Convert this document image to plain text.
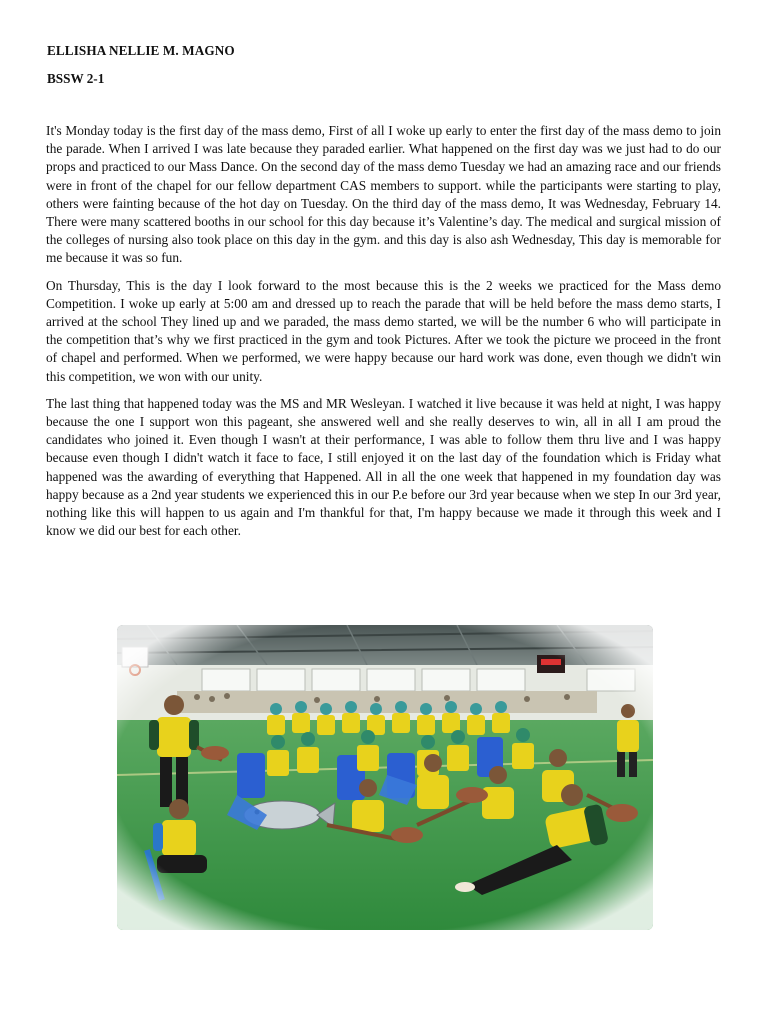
ELLISHA NELLIE M. MAGNO
BSSW 2-1

It's Monday today is the first day of the mass demo, First of all I woke up early to enter the first day of the mass demo to join the parade. When I arrived I was late because they paraded earlier. What happened on the first day was we just had to do our props and practiced to our Mass Dance. On the second day of the mass demo Tuesday we had an amazing race and our friends were in front of the chapel for our fellow department CAS members to support. while the participants were starting to play, others were fainting because of the hot day on Tuesday. On the third day of the mass demo, It was Wednesday, February 14. There were many scattered booths in our school for this day because it’s Valentine’s day. The medical and surgical mission of the colleges of nursing also took place on this day in the gym. and this day is also ash Wednesday, This day is memorable for me because it was so fun.

On Thursday, This is the day I look forward to the most because this is the 2 weeks we practiced for the Mass demo Competition. I woke up early at 5:00 am and dressed up to reach the parade that will be held before the mass demo starts, I arrived at the school They lined up and we paraded, the mass demo started, we will be the number 6 who will participate in the competition that’s why we first practiced in the gym and took Pictures. After we took the picture we proceed in the front of chapel and performed. When we performed, we were happy because our hard work was done, even though we didn't win this competition, we won with our unity.

The last thing that happened today was the MS and MR Wesleyan. I watched it live because it was held at night, I was happy because the one I support won this pageant, she answered well and she really deserves to win, all in all I am proud the candidates who joined it. Even though I wasn't at their performance, I was able to follow them thru live and I was happy because even though I didn't watch it face to face, I still enjoyed it on the last day of the foundation which is Friday what happened was the awarding of everything that Happened. All in all the one week that happened in my foundation day was happy because as a 2nd year students we experienced this in our P.e before our 3rd year because when we step In our 3rd year, nothing like this will happen to us again and I'm thankful for that, I'm happy because we made it through this week and I know we did our best for each other.
